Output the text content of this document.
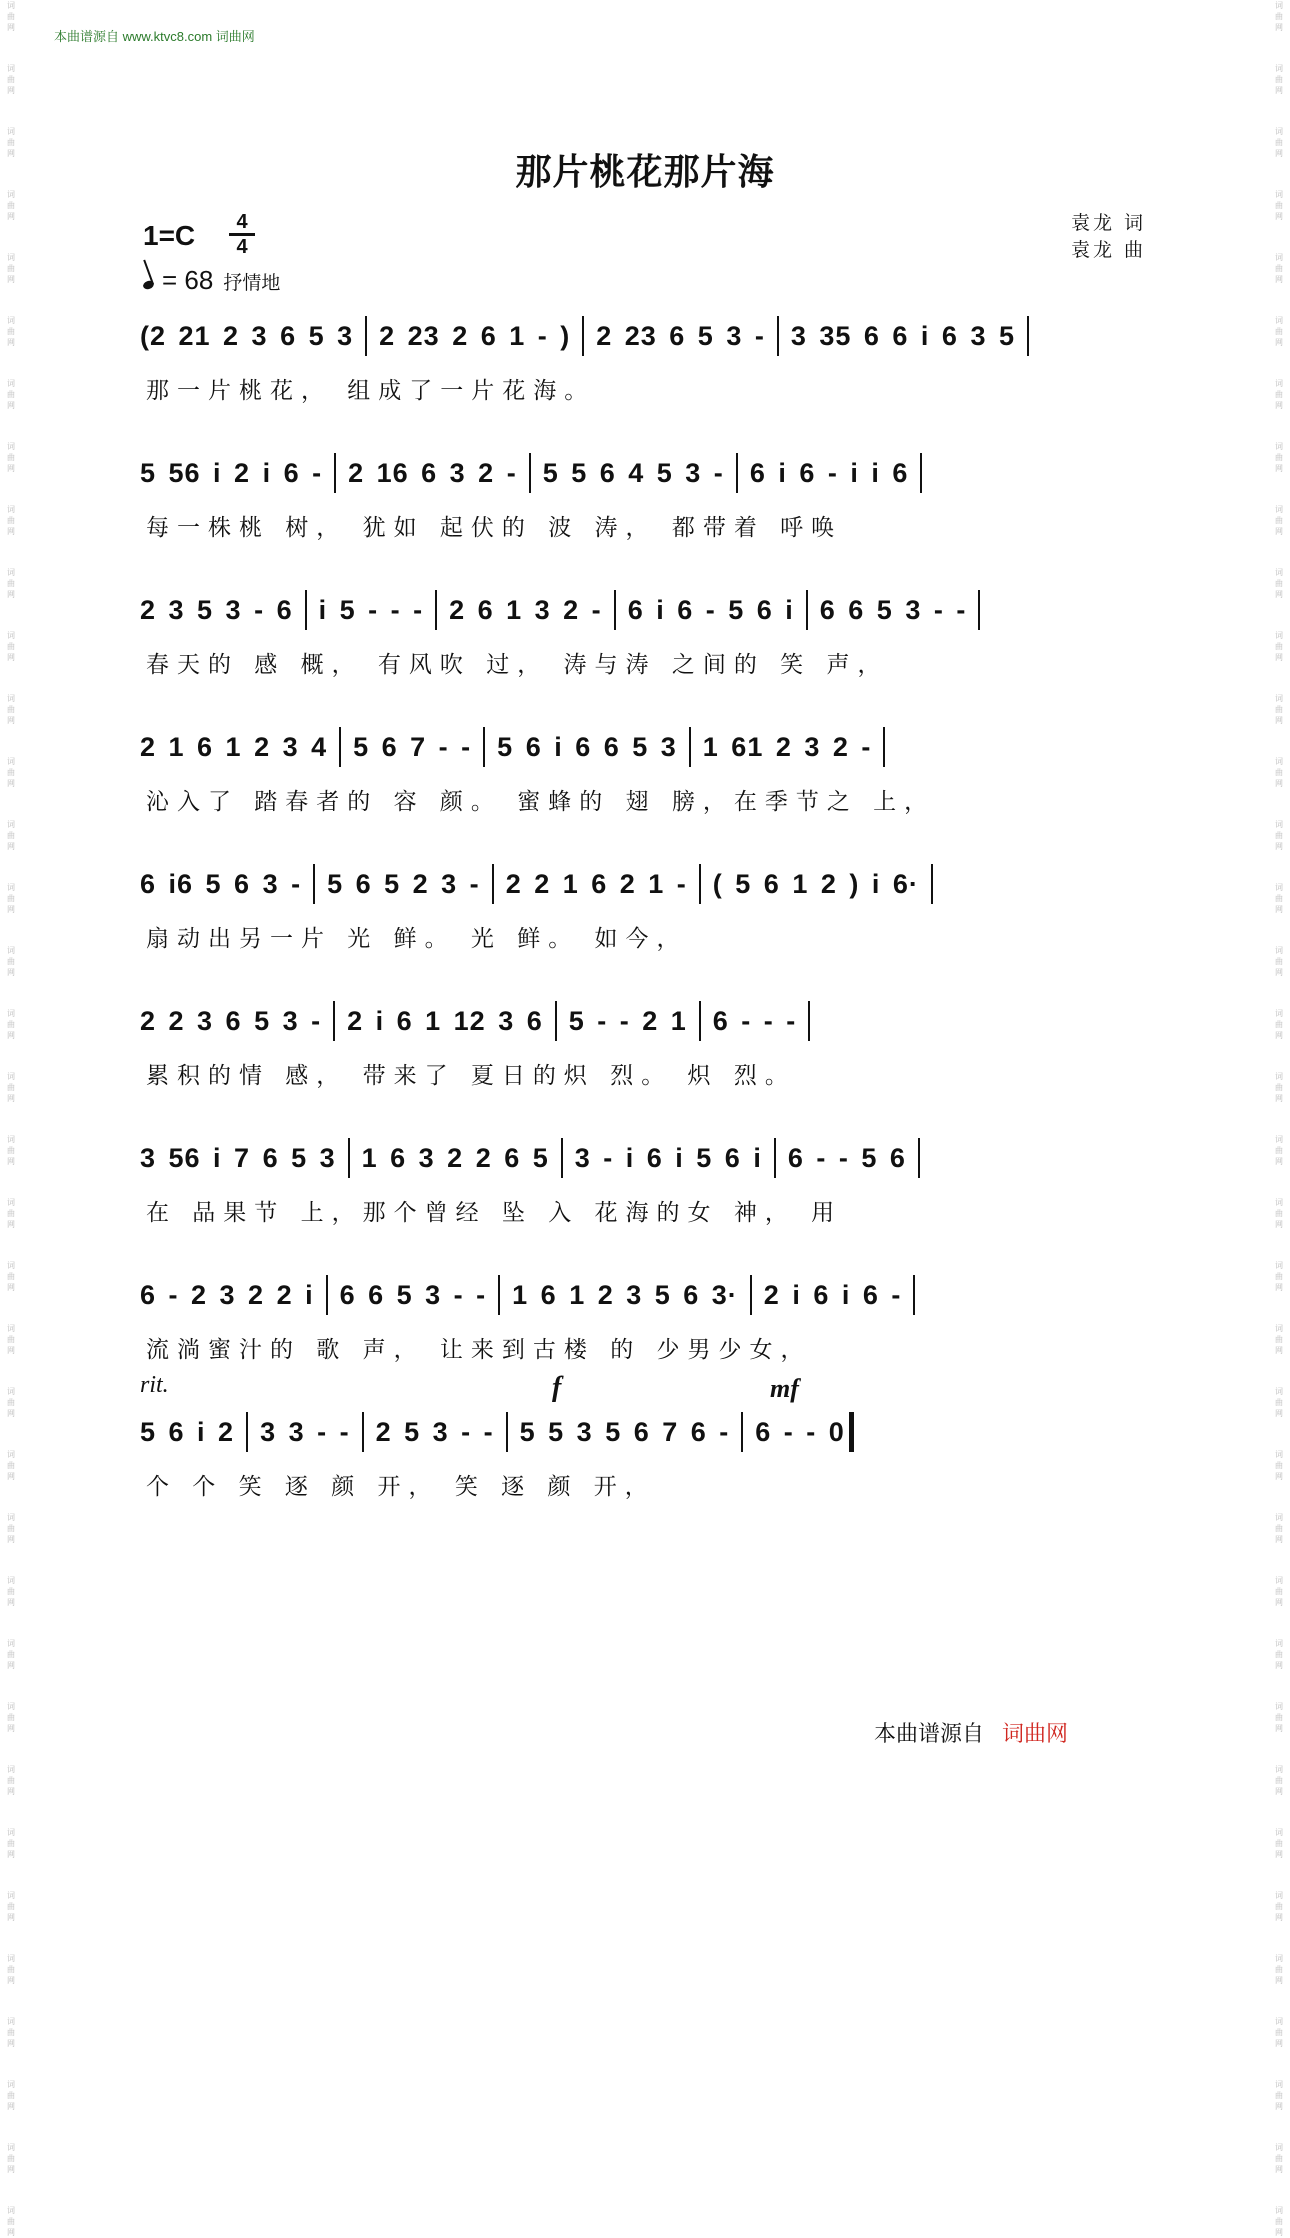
词曲网
词曲网
词曲网
词曲网
词曲网
词曲网
词曲网
词曲网
词曲网
词曲网
词曲网
词曲网
词曲网
词曲网
词曲网
词曲网
词曲网
词曲网
词曲网
词曲网
词曲网
词曲网
词曲网
词曲网
词曲网
词曲网
词曲网
词曲网
词曲网
词曲网
词曲网
词曲网
词曲网
词曲网
词曲网
词曲网
词曲网
词曲网
词曲网
词曲网
词曲网
词曲网
词曲网
词曲网
词曲网
词曲网
词曲网
词曲网
词曲网
词曲网
词曲网
词曲网
词曲网
词曲网
词曲网
词曲网
词曲网
词曲网
词曲网
词曲网
词曲网
词曲网
词曲网
词曲网
词曲网
词曲网
词曲网
词曲网
词曲网
词曲网
词曲网
词曲网
本曲谱源自 www.ktvc8.com 词曲网
那片桃花那片海
1=C	4
4
= 68 抒情地
袁龙 词
袁龙 曲
(2 21 2 3 6 5 3 2 23 2 6 1 - ) 2 23 6 5 3 - 3 35 6 6 i 6 3 5
那一片桃花， 组成了一片花海。
5 56 i 2 i 6 - 2 16 6 3 2 - 5 5 6 4 5 3 - 6 i 6 - i i 6
每一株桃 树， 犹如 起伏的 波 涛， 都带着 呼唤
2 3 5 3 - 6 i 5 - - - 2 6 1 3 2 - 6 i 6 - 5 6 i 6 6 5 3 - -
春天的 感 概， 有风吹 过， 涛与涛 之间的 笑 声，
2 1 6 1 2 3 4 5 6 7 - - 5 6 i 6 6 5 3 1 61 2 3 2 -
沁入了 踏春者的 容 颜。 蜜蜂的 翅 膀，在季节之 上，
6 i6 5 6 3 - 5 6 5 2 3 - 2 2 1 6 2 1 - ( 5 6 1 2 ) i 6·
扇动出另一片 光 鲜。 光 鲜。 如今，
2 2 3 6 5 3 - 2 i 6 1 12 3 6 5 - - 2 1 6 - - -
累积的情 感， 带来了 夏日的炽 烈。 炽 烈。
3 56 i 7 6 5 3 1 6 3 2 2 6 5 3 - i 6 i 5 6 i 6 - - 5 6
在 品果节 上，那个曾经 坠 入 花海的女 神， 用
6 - 2 3 2 2 i 6 6 5 3 - - 1 6 1 2 3 5 6 3· 2 i 6 i 6 -
流淌蜜汁的 歌 声， 让来到古楼 的 少男少女，
rit.	f	mf
5 6 i 2 3 3 - - 2 5 3 - - 5 5 3 5 6 7 6 - 6 - - 0
个 个 笑 逐 颜 开， 笑 逐 颜 开，
本曲谱源自 词曲网
